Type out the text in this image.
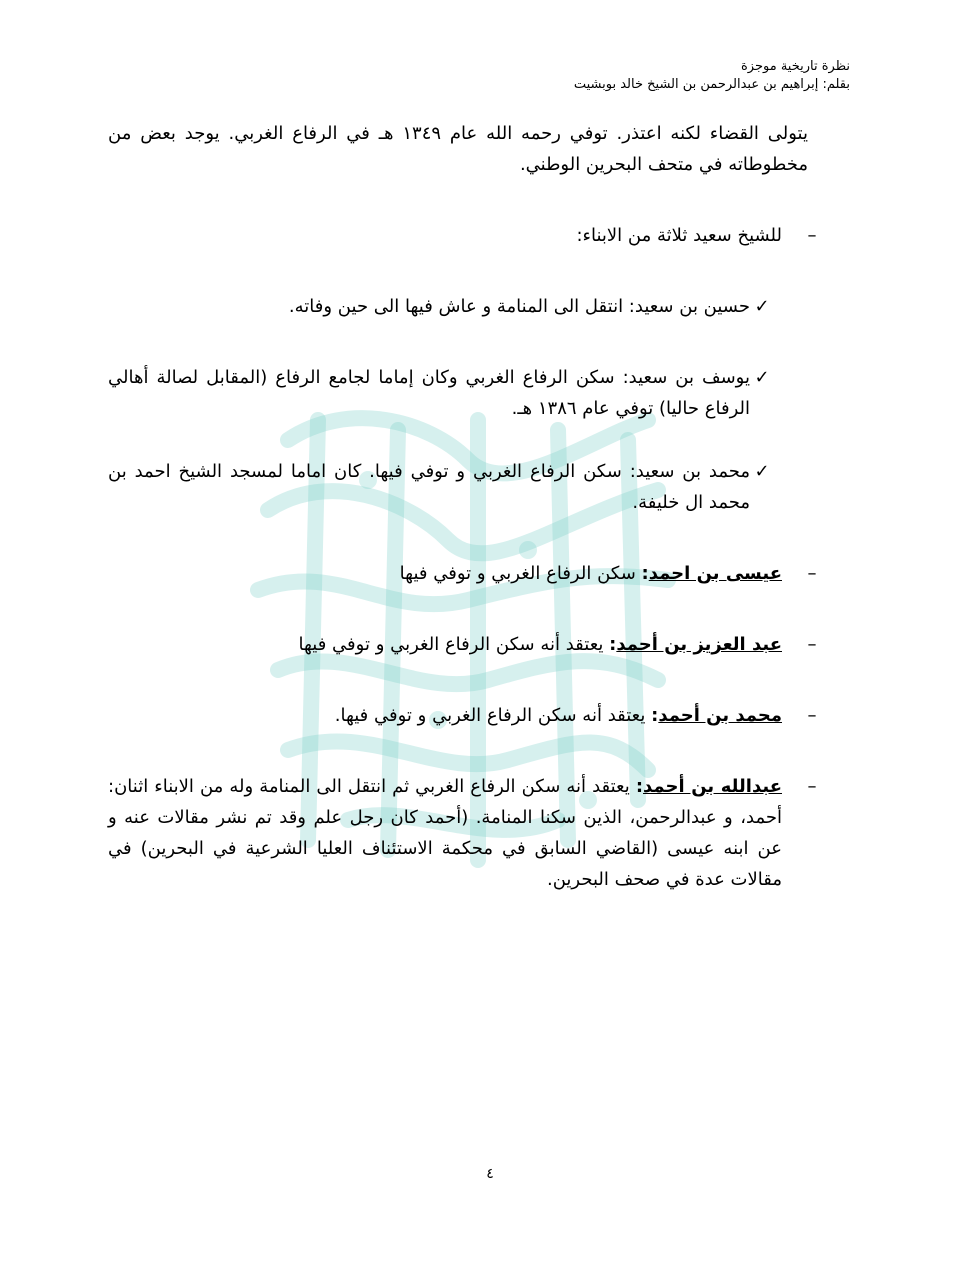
نظرة تاريخية موجزة
بقلم: إبراهيم بن عبدالرحمن بن الشيخ خالد بوبشيت
يتولى القضاء لكنه اعتذر. توفي رحمه الله عام ١٣٤٩ هـ في الرفاع الغربي. يوجد بعض من مخطوطاته في متحف البحرين الوطني.
–
للشيخ سعيد ثلاثة من الابناء:
✓
حسين بن سعيد: انتقل الى المنامة و عاش فيها الى حين وفاته.
✓
يوسف بن سعيد: سكن الرفاع الغربي وكان إماما لجامع الرفاع (المقابل لصالة أهالي الرفاع حاليا) توفي عام ١٣٨٦ هـ.
✓
محمد بن سعيد: سكن الرفاع الغربي و توفي فيها. كان اماما لمسجد الشيخ احمد بن محمد ال خليفة.
–
عيسى بن احمد: سكن الرفاع الغربي و توفي فيها
–
عبد العزيز بن أحمد: يعتقد أنه سكن الرفاع الغربي و توفي فيها
–
محمد بن أحمد: يعتقد أنه سكن الرفاع الغربي و توفي فيها.
–
عبدالله بن أحمد: يعتقد أنه سكن الرفاع الغربي ثم انتقل الى المنامة وله من الابناء اثنان: أحمد، و عبدالرحمن، الذين سكنا المنامة. (أحمد كان رجل علم وقد تم نشر مقالات عنه و عن ابنه عيسى (القاضي السابق في محكمة الاستئناف العليا الشرعية في البحرين) في مقالات عدة في صحف البحرين.
٤
